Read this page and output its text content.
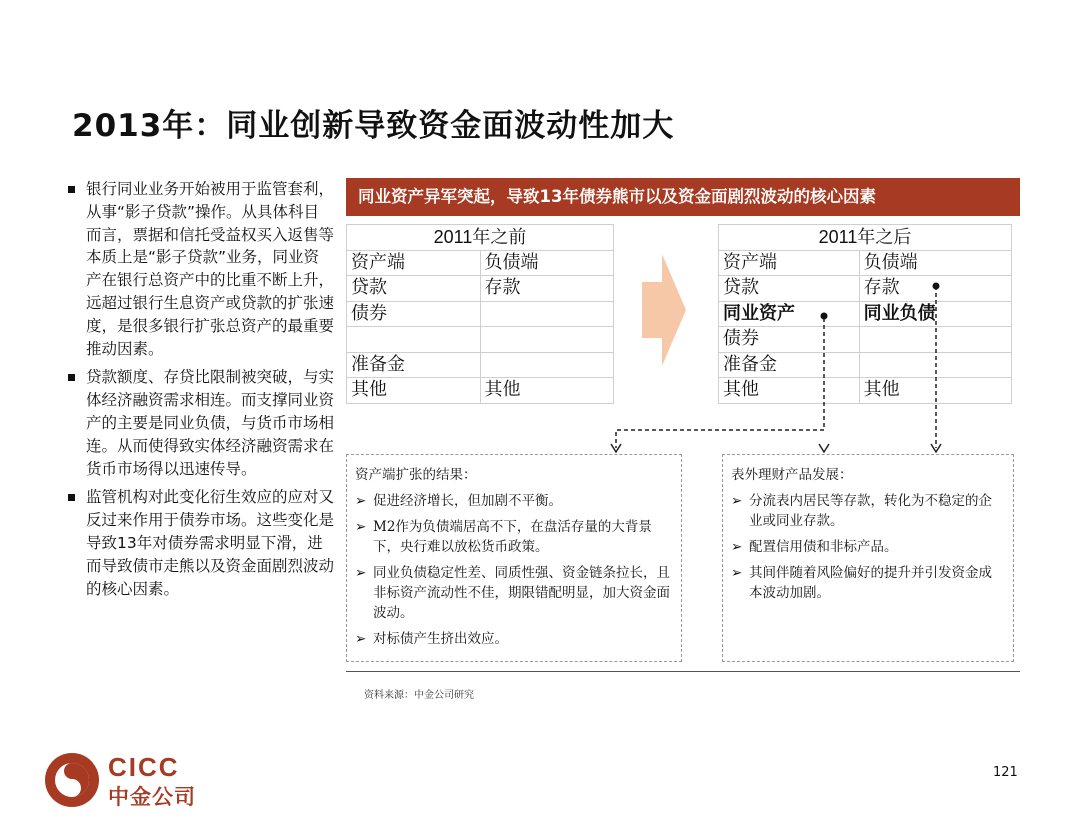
2013年：同业创新导致资金面波动性加大
银行同业业务开始被用于监管套利，从事“影子贷款”操作。从具体科目而言，票据和信托受益权买入返售等本质上是“影子贷款”业务，同业资产在银行总资产中的比重不断上升，远超过银行生息资产或贷款的扩张速度，是很多银行扩张总资产的最重要推动因素。
贷款额度、存贷比限制被突破，与实体经济融资需求相连。而支撑同业资产的主要是同业负债，与货币市场相连。从而使得致实体经济融资需求在货币市场得以迅速传导。
监管机构对此变化衍生效应的应对又反过来作用于债券市场。这些变化是导致13年对债券需求明显下滑，进而导致债市走熊以及资金面剧烈波动的核心因素。
同业资产异军突起，导致13年债券熊市以及资金面剧烈波动的核心因素
2011年之前	
资产端	负债端
贷款	存款
债券	

准备金	
其他	其他
2011年之后	
资产端	负债端
贷款	存款
同业资产	同业负债
债券	
准备金	
其他	其他
资产端扩张的结果：
➢ 促进经济增长，但加剧不平衡。
➢ M2作为负债端居高不下，在盘活存量的大背景下，央行难以放松货币政策。
➢ 同业负债稳定性差、同质性强、资金链条拉长，且非标资产流动性不佳，期限错配明显，加大资金面波动。
➢ 对标债产生挤出效应。
表外理财产品发展：
➢ 分流表内居民等存款，转化为不稳定的企业或同业存款。
➢ 配置信用债和非标产品。
➢ 其间伴随着风险偏好的提升并引发资金成本波动加剧。
资料来源：中金公司研究
CICC
中金公司
121
